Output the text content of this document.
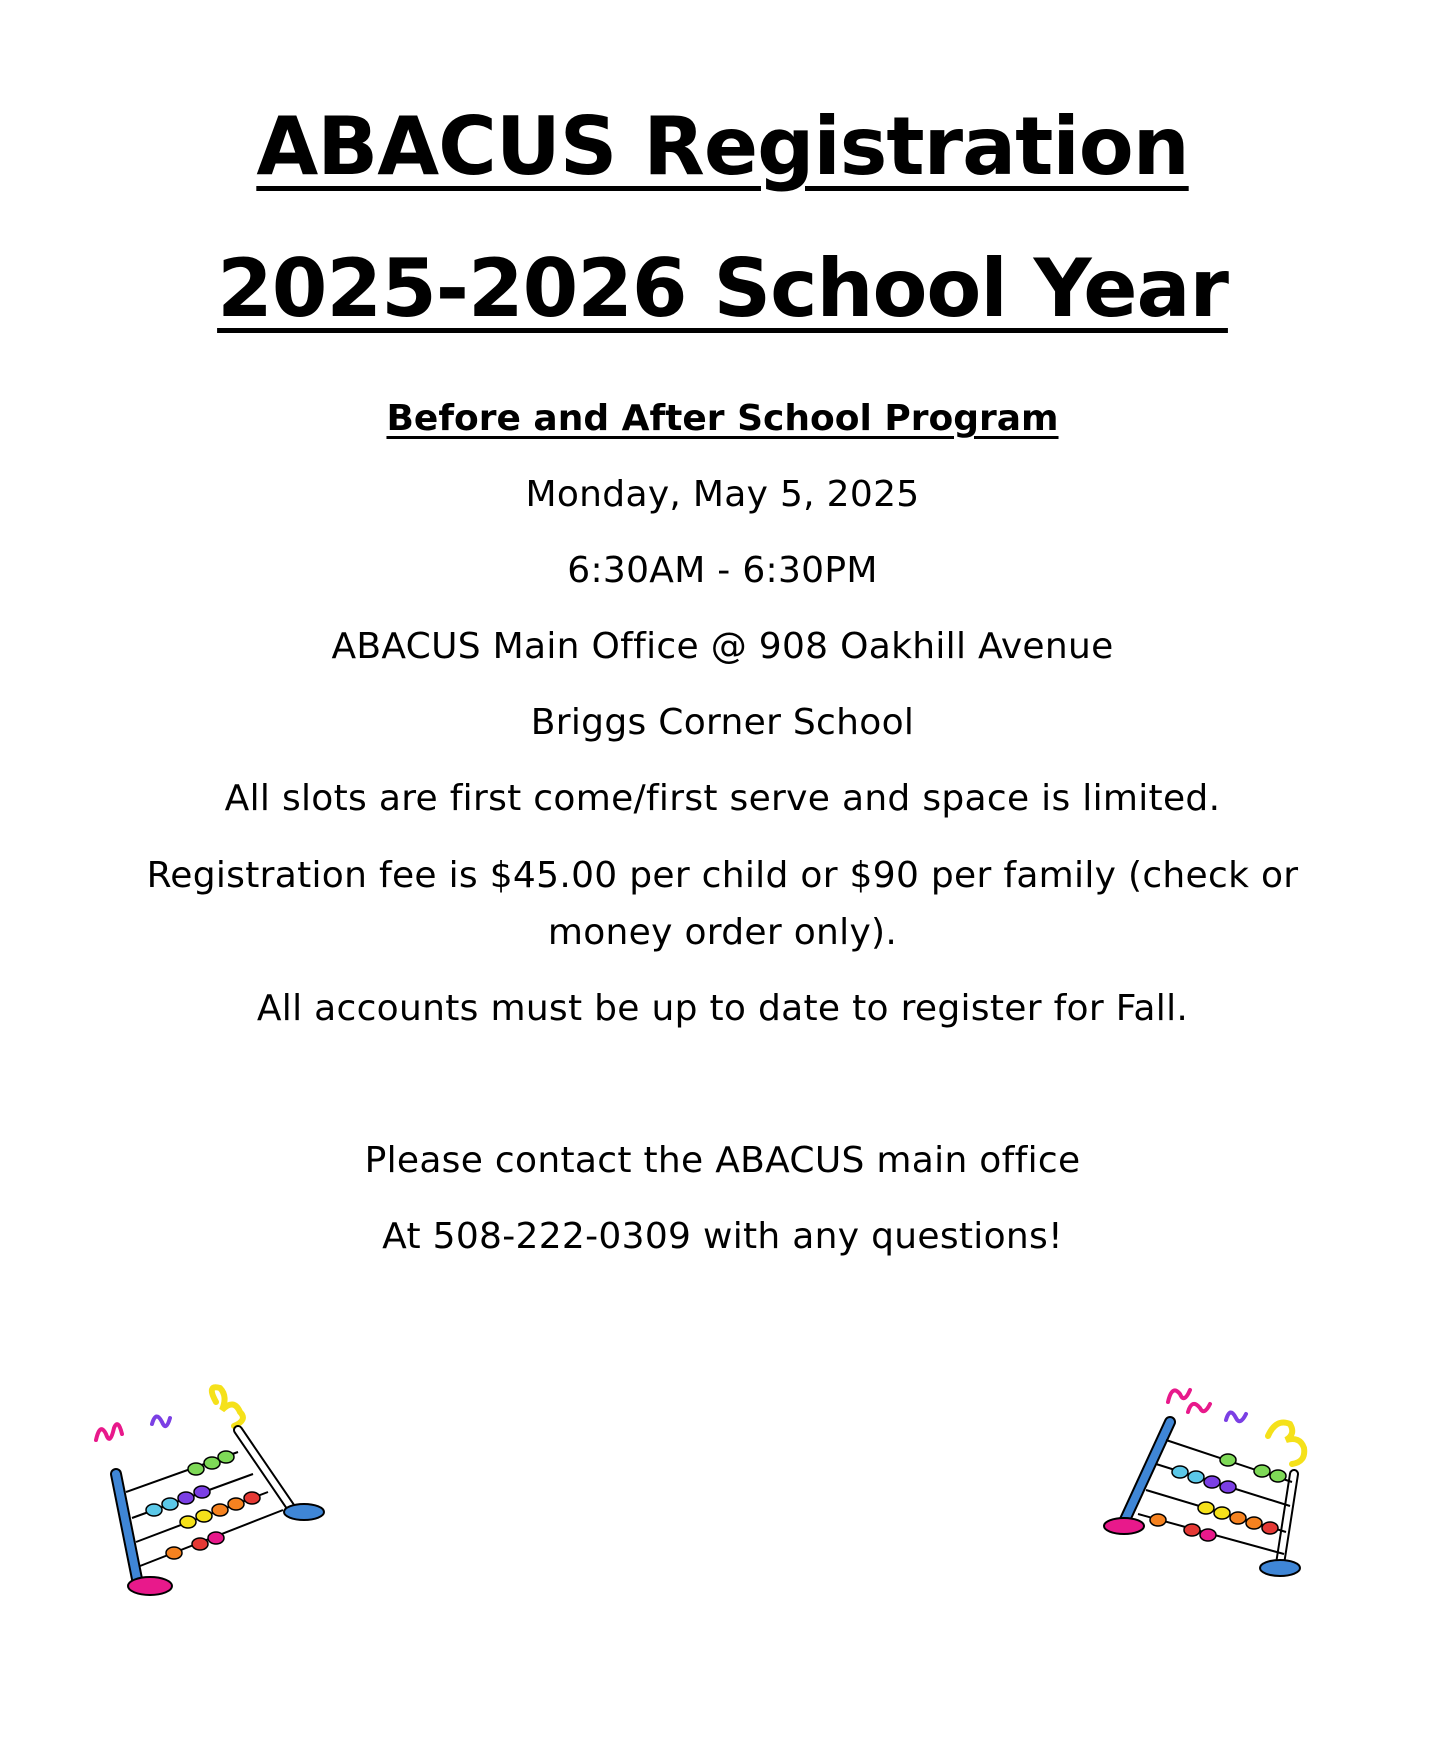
ABACUS Registration
2025-2026 School Year
Before and After School Program
Monday, May 5, 2025
6:30AM - 6:30PM
ABACUS Main Office @ 908 Oakhill Avenue
Briggs Corner School
All slots are first come/first serve and space is limited.
Registration fee is $45.00 per child or $90 per family (check or
money order only).
All accounts must be up to date to register for Fall.
Please contact the ABACUS main office
At 508-222-0309 with any questions!
